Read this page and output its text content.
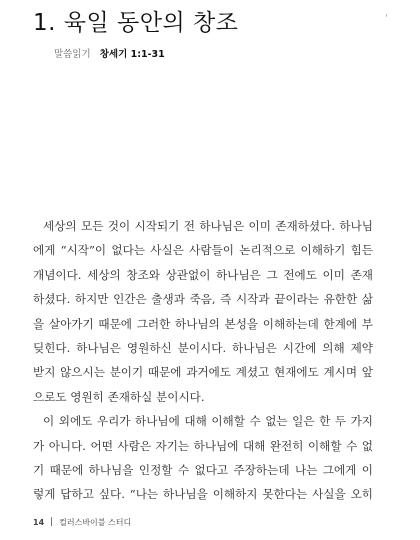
1. 육일 동안의 창조	'
말씀읽기 창세기 1:1-31
세상의 모든 것이 시작되기 전 하나님은 이미 존재하셨다. 하나님
에게 “시작”이 없다는 사실은 사람들이 논리적으로 이해하기 힘든
개념이다. 세상의 창조와 상관없이 하나님은 그 전에도 이미 존재
하셨다. 하지만 인간은 출생과 죽음, 즉 시작과 끝이라는 유한한 삶
을 살아가기 때문에 그러한 하나님의 본성을 이해하는데 한계에 부
딪힌다. 하나님은 영원하신 분이시다. 하나님은 시간에 의해 제약
받지 않으시는 분이기 때문에 과거에도 계셨고 현재에도 계시며 앞
으로도 영원히 존재하실 분이시다.
이 외에도 우리가 하나님에 대해 이해할 수 없는 일은 한 두 가지
가 아니다. 어떤 사람은 자기는 하나님에 대해 완전히 이해할 수 없
기 때문에 하나님을 인정할 수 없다고 주장하는데 나는 그에게 이
렇게 답하고 싶다. “나는 하나님을 이해하지 못한다는 사실을 오히
14 컬러스바이블 스터디
